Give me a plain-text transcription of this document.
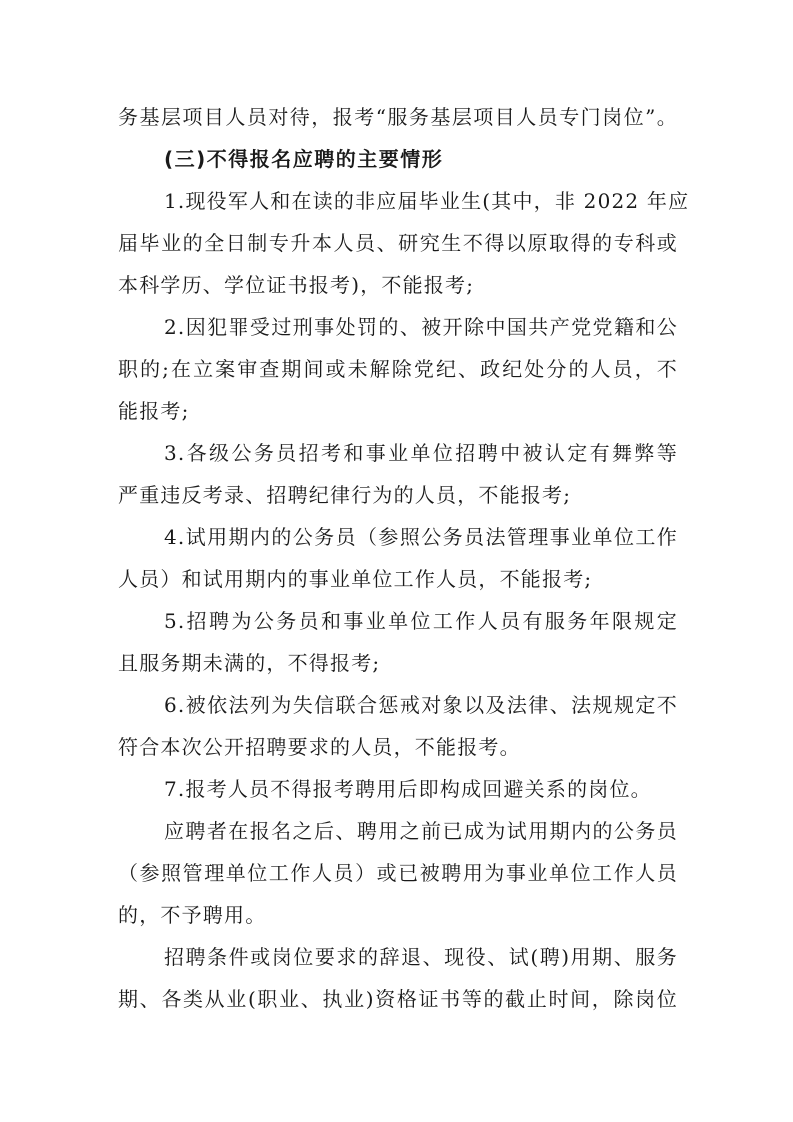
务基层项目人员对待，报考“服务基层项目人员专门岗位”。
(三)不得报名应聘的主要情形
1.现役军人和在读的非应届毕业生(其中，非 2022 年应
届毕业的全日制专升本人员、研究生不得以原取得的专科或
本科学历、学位证书报考)，不能报考;
2.因犯罪受过刑事处罚的、被开除中国共产党党籍和公
职的;在立案审查期间或未解除党纪、政纪处分的人员，不
能报考;
3.各级公务员招考和事业单位招聘中被认定有舞弊等
严重违反考录、招聘纪律行为的人员，不能报考;
4.试用期内的公务员（参照公务员法管理事业单位工作
人员）和试用期内的事业单位工作人员，不能报考;
5.招聘为公务员和事业单位工作人员有服务年限规定
且服务期未满的，不得报考;
6.被依法列为失信联合惩戒对象以及法律、法规规定不
符合本次公开招聘要求的人员，不能报考。
7.报考人员不得报考聘用后即构成回避关系的岗位。
应聘者在报名之后、聘用之前已成为试用期内的公务员
（参照管理单位工作人员）或已被聘用为事业单位工作人员
的，不予聘用。
招聘条件或岗位要求的辞退、现役、试(聘)用期、服务
期、各类从业(职业、执业)资格证书等的截止时间，除岗位
